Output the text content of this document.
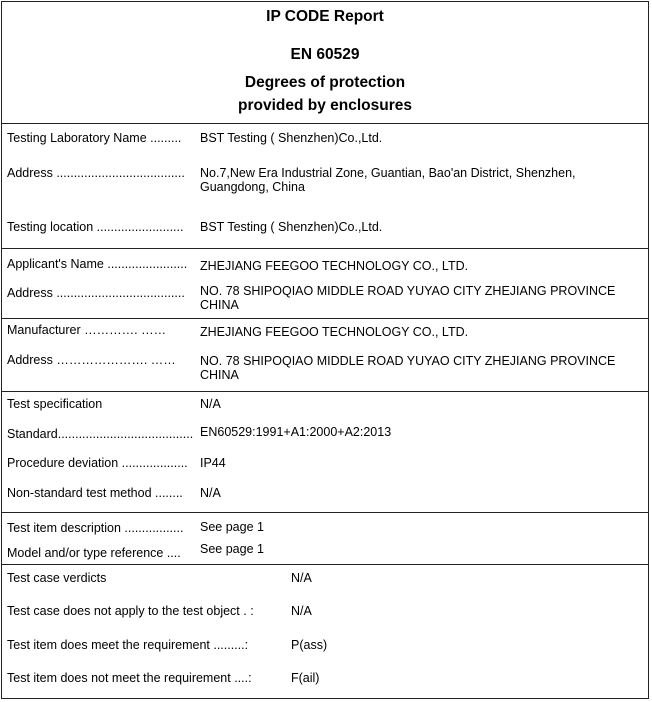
IP CODE Report
EN 60529
Degrees of protection
provided by enclosures
Testing Laboratory Name ......... BST Testing ( Shenzhen)Co.,Ltd.
Address ..................................... No.7,New Era Industrial Zone, Guantian, Bao'an District, Shenzhen, Guangdong, China
Testing location ......................... BST Testing ( Shenzhen)Co.,Ltd.
Applicant's Name ....................... ZHEJIANG FEEGOO TECHNOLOGY CO., LTD.
Address ..................................... NO. 78 SHIPOQIAO MIDDLE ROAD YUYAO CITY ZHEJIANG PROVINCE CHINA
Manufacturer …………. ……	ZHEJIANG FEEGOO TECHNOLOGY CO., LTD.
Address …………………. …… NO. 78 SHIPOQIAO MIDDLE ROAD YUYAO CITY ZHEJIANG PROVINCE CHINA
Test specification	N/A
Standard....................................... EN60529:1991+A1:2000+A2:2013
Procedure deviation ................... IP44
Non-standard test method ........ N/A
Test item description ................. See page 1
Model and/or type reference .... See page 1
Test case verdicts	N/A
Test case does not apply to the test object . :	N/A
Test item does meet the requirement .........:	P(ass)
Test item does not meet the requirement ....:	F(ail)
